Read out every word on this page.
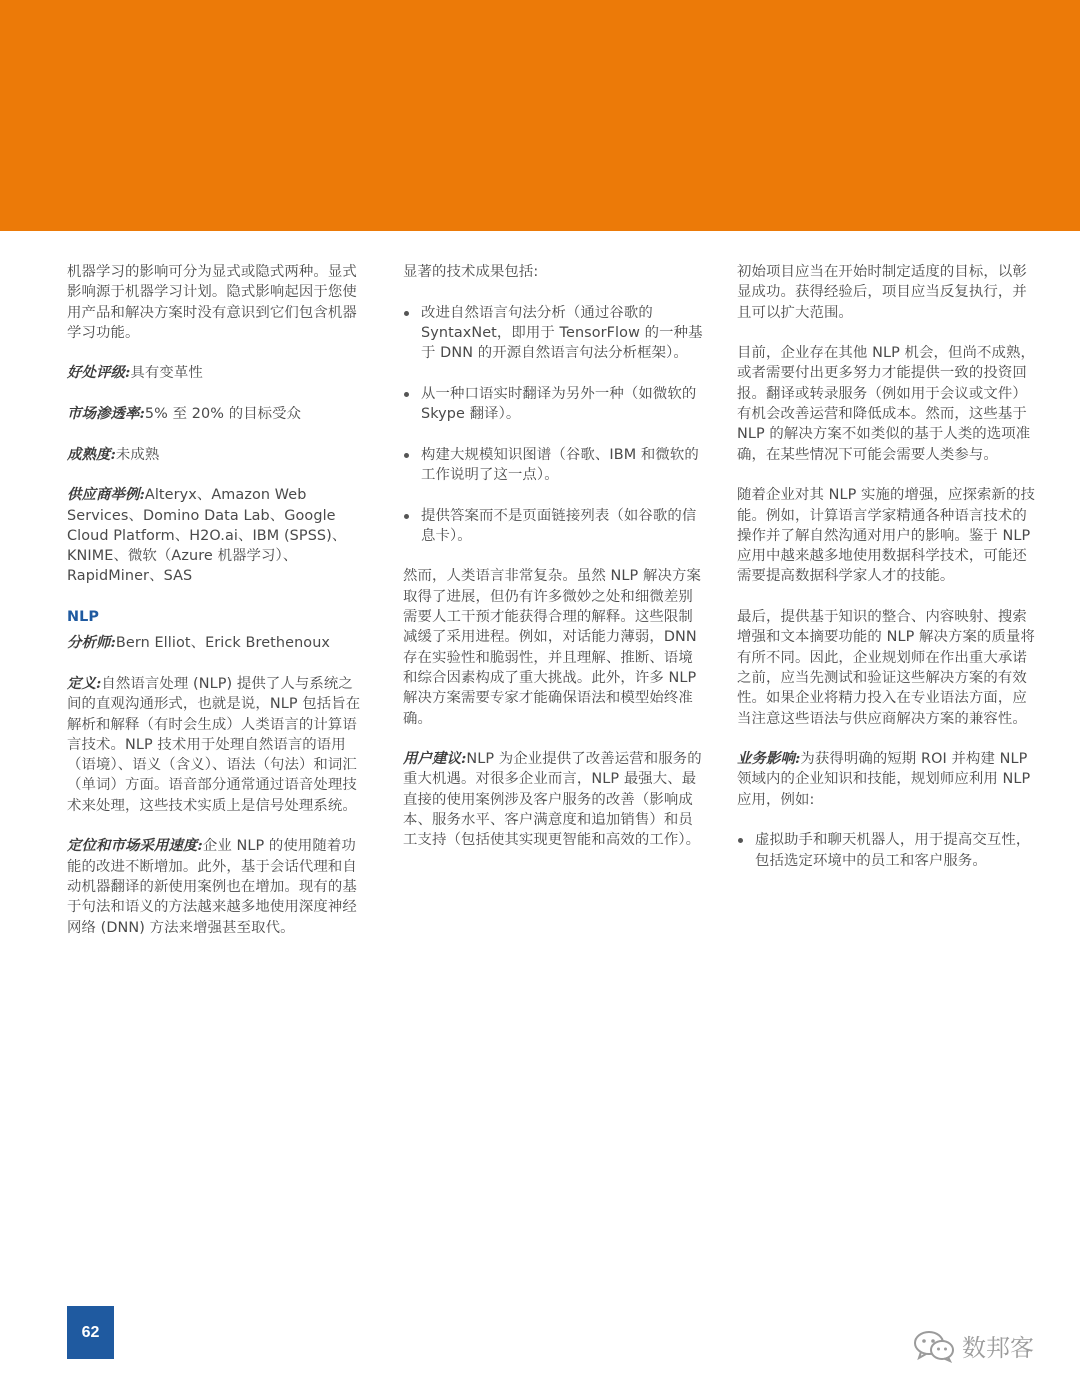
机器学习的影响可分为显式或隐式两种。显式影响源于机器学习计划。隐式影响起因于您使用产品和解决方案时没有意识到它们包含机器学习功能。

好处评级:具有变革性

市场渗透率:5% 至 20% 的目标受众

成熟度:未成熟

供应商举例:Alteryx、Amazon Web Services、Domino Data Lab、Google Cloud Platform、H2O.ai、IBM (SPSS)、KNIME、微软（Azure 机器学习）、RapidMiner、SAS

NLP

分析师:Bern Elliot、Erick Brethenoux

定义:自然语言处理 (NLP) 提供了人与系统之间的直观沟通形式，也就是说，NLP 包括旨在解析和解释（有时会生成）人类语言的计算语言技术。NLP 技术用于处理自然语言的语用（语境）、语义（含义）、语法（句法）和词汇（单词）方面。语音部分通常通过语音处理技术来处理，这些技术实质上是信号处理系统。

定位和市场采用速度:企业 NLP 的使用随着功能的改进不断增加。此外，基于会话代理和自动机器翻译的新使用案例也在增加。现有的基于句法和语义的方法越来越多地使用深度神经网络 (DNN) 方法来增强甚至取代。

显著的技术成果包括:

改进自然语言句法分析（通过谷歌的 SyntaxNet，即用于 TensorFlow 的一种基于 DNN 的开源自然语言句法分析框架）。
从一种口语实时翻译为另外一种（如微软的 Skype 翻译）。
构建大规模知识图谱（谷歌、IBM 和微软的工作说明了这一点）。
提供答案而不是页面链接列表（如谷歌的信息卡）。

然而，人类语言非常复杂。虽然 NLP 解决方案取得了进展，但仍有许多微妙之处和细微差别需要人工干预才能获得合理的解释。这些限制减缓了采用进程。例如，对话能力薄弱，DNN 存在实验性和脆弱性，并且理解、推断、语境和综合因素构成了重大挑战。此外，许多 NLP 解决方案需要专家才能确保语法和模型始终准确。

用户建议:NLP 为企业提供了改善运营和服务的重大机遇。对很多企业而言，NLP 最强大、最直接的使用案例涉及客户服务的改善（影响成本、服务水平、客户满意度和追加销售）和员工支持（包括使其实现更智能和高效的工作）。

初始项目应当在开始时制定适度的目标，以彰显成功。获得经验后，项目应当反复执行，并且可以扩大范围。

目前，企业存在其他 NLP 机会，但尚不成熟，或者需要付出更多努力才能提供一致的投资回报。翻译或转录服务（例如用于会议或文件）有机会改善运营和降低成本。然而，这些基于 NLP 的解决方案不如类似的基于人类的选项准确，在某些情况下可能会需要人类参与。

随着企业对其 NLP 实施的增强，应探索新的技能。例如，计算语言学家精通各种语言技术的操作并了解自然沟通对用户的影响。鉴于 NLP 应用中越来越多地使用数据科学技术，可能还需要提高数据科学家人才的技能。

最后，提供基于知识的整合、内容映射、搜索增强和文本摘要功能的 NLP 解决方案的质量将有所不同。因此，企业规划师在作出重大承诺之前，应当先测试和验证这些解决方案的有效性。如果企业将精力投入在专业语法方面，应当注意这些语法与供应商解决方案的兼容性。

业务影响:为获得明确的短期 ROI 并构建 NLP 领域内的企业知识和技能，规划师应利用 NLP 应用，例如:

虚拟助手和聊天机器人，用于提高交互性，包括选定环境中的员工和客户服务。
62
数邦客
